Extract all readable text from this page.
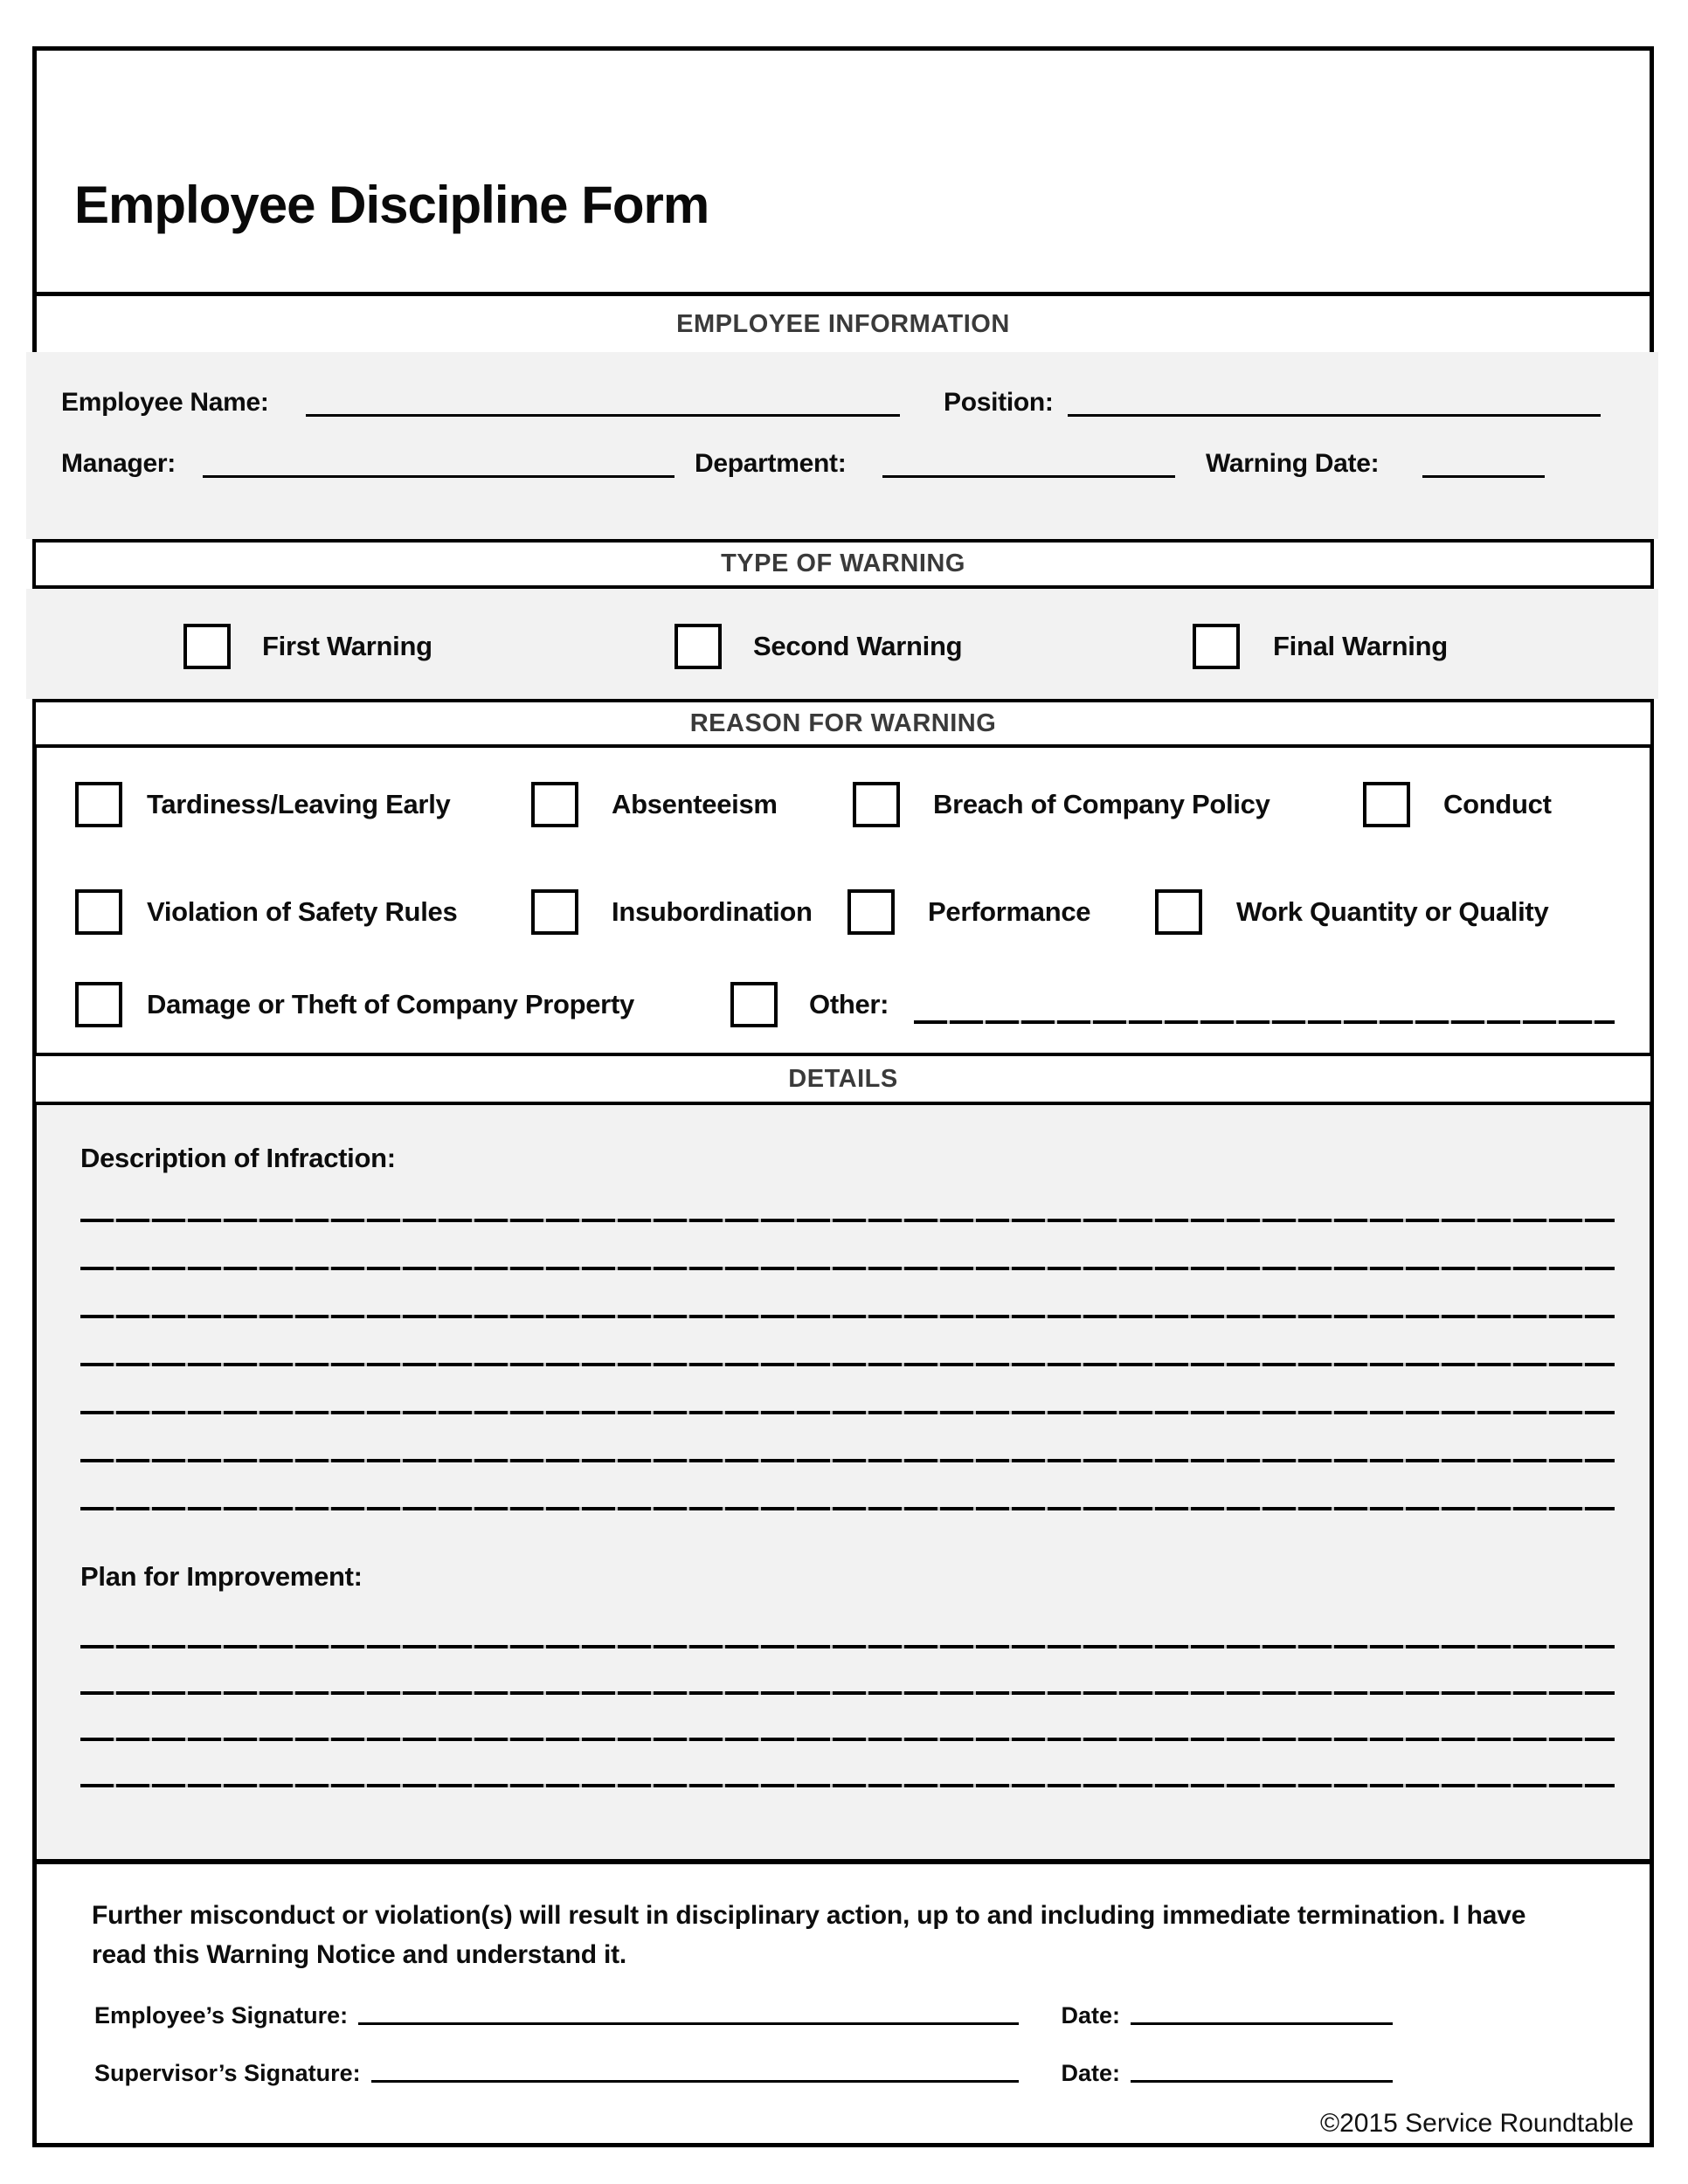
Employee Discipline Form
EMPLOYEE INFORMATION
Employee Name:	Position:
Manager:	Department:	Warning Date:
TYPE OF WARNING
First Warning	Second Warning	Final Warning
REASON FOR WARNING
Tardiness/Leaving Early	Absenteeism	Breach of Company Policy	Conduct
Violation of Safety Rules	Insubordination	Performance	Work Quantity or Quality
Damage or Theft of Company Property	Other:
DETAILS
Description of Infraction:
Plan for Improvement:
Further misconduct or violation(s) will result in disciplinary action, up to and including immediate termination. I have read this Warning Notice and understand it.
Employee’s Signature:	Date:
Supervisor’s Signature:	Date:
©2015 Service Roundtable
